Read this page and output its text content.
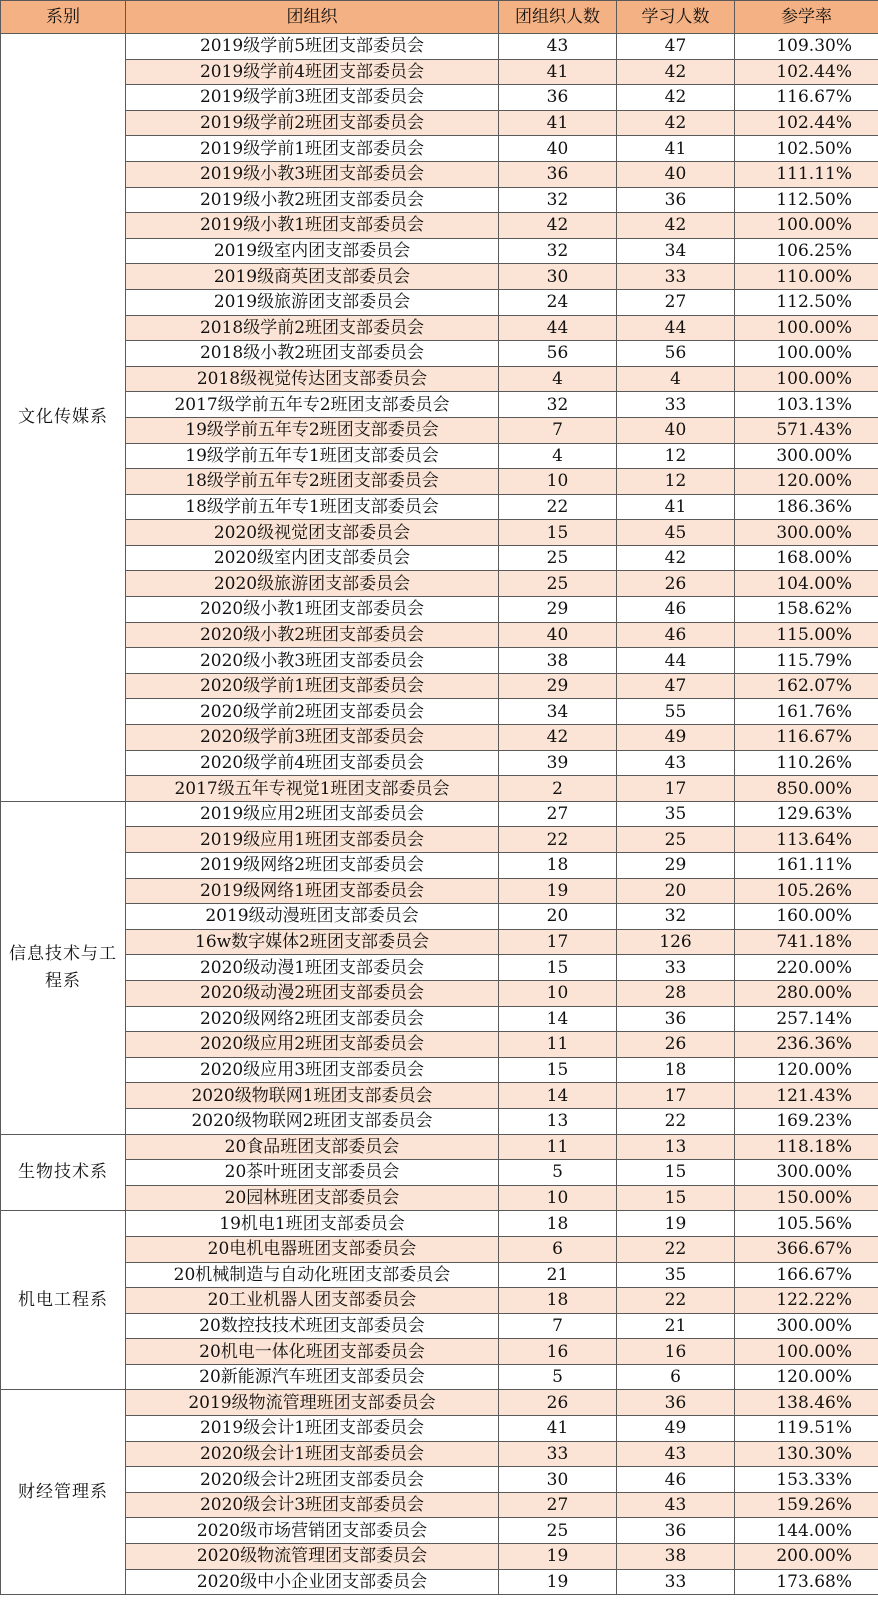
系别	团组织	团组织人数	学习人数	参学率
文化传媒系	2019级学前5班团支部委员会	43	47	109.30%
	2019级学前4班团支部委员会	41	42	102.44%
	2019级学前3班团支部委员会	36	42	116.67%
	2019级学前2班团支部委员会	41	42	102.44%
	2019级学前1班团支部委员会	40	41	102.50%
	2019级小教3班团支部委员会	36	40	111.11%
	2019级小教2班团支部委员会	32	36	112.50%
	2019级小教1班团支部委员会	42	42	100.00%
	2019级室内团支部委员会	32	34	106.25%
	2019级商英团支部委员会	30	33	110.00%
	2019级旅游团支部委员会	24	27	112.50%
	2018级学前2班团支部委员会	44	44	100.00%
	2018级小教2班团支部委员会	56	56	100.00%
	2018级视觉传达团支部委员会	4	4	100.00%
	2017级学前五年专2班团支部委员会	32	33	103.13%
	19级学前五年专2班团支部委员会	7	40	571.43%
	19级学前五年专1班团支部委员会	4	12	300.00%
	18级学前五年专2班团支部委员会	10	12	120.00%
	18级学前五年专1班团支部委员会	22	41	186.36%
	2020级视觉团支部委员会	15	45	300.00%
	2020级室内团支部委员会	25	42	168.00%
	2020级旅游团支部委员会	25	26	104.00%
	2020级小教1班团支部委员会	29	46	158.62%
	2020级小教2班团支部委员会	40	46	115.00%
	2020级小教3班团支部委员会	38	44	115.79%
	2020级学前1班团支部委员会	29	47	162.07%
	2020级学前2班团支部委员会	34	55	161.76%
	2020级学前3班团支部委员会	42	49	116.67%
	2020级学前4班团支部委员会	39	43	110.26%
	2017级五年专视觉1班团支部委员会	2	17	850.00%
信息技术与工程系	2019级应用2班团支部委员会	27	35	129.63%
	2019级应用1班团支部委员会	22	25	113.64%
	2019级网络2班团支部委员会	18	29	161.11%
	2019级网络1班团支部委员会	19	20	105.26%
	2019级动漫班团支部委员会	20	32	160.00%
	16w数字媒体2班团支部委员会	17	126	741.18%
	2020级动漫1班团支部委员会	15	33	220.00%
	2020级动漫2班团支部委员会	10	28	280.00%
	2020级网络2班团支部委员会	14	36	257.14%
	2020级应用2班团支部委员会	11	26	236.36%
	2020级应用3班团支部委员会	15	18	120.00%
	2020级物联网1班团支部委员会	14	17	121.43%
	2020级物联网2班团支部委员会	13	22	169.23%
生物技术系	20食品班团支部委员会	11	13	118.18%
	20茶叶班团支部委员会	5	15	300.00%
	20园林班团支部委员会	10	15	150.00%
机电工程系	19机电1班团支部委员会	18	19	105.56%
	20电机电器班团支部委员会	6	22	366.67%
	20机械制造与自动化班团支部委员会	21	35	166.67%
	20工业机器人团支部委员会	18	22	122.22%
	20数控技技术班团支部委员会	7	21	300.00%
	20机电一体化班团支部委员会	16	16	100.00%
	20新能源汽车班团支部委员会	5	6	120.00%
财经管理系	2019级物流管理班团支部委员会	26	36	138.46%
	2019级会计1班团支部委员会	41	49	119.51%
	2020级会计1班团支部委员会	33	43	130.30%
	2020级会计2班团支部委员会	30	46	153.33%
	2020级会计3班团支部委员会	27	43	159.26%
	2020级市场营销团支部委员会	25	36	144.00%
	2020级物流管理团支部委员会	19	38	200.00%
	2020级中小企业团支部委员会	19	33	173.68%
